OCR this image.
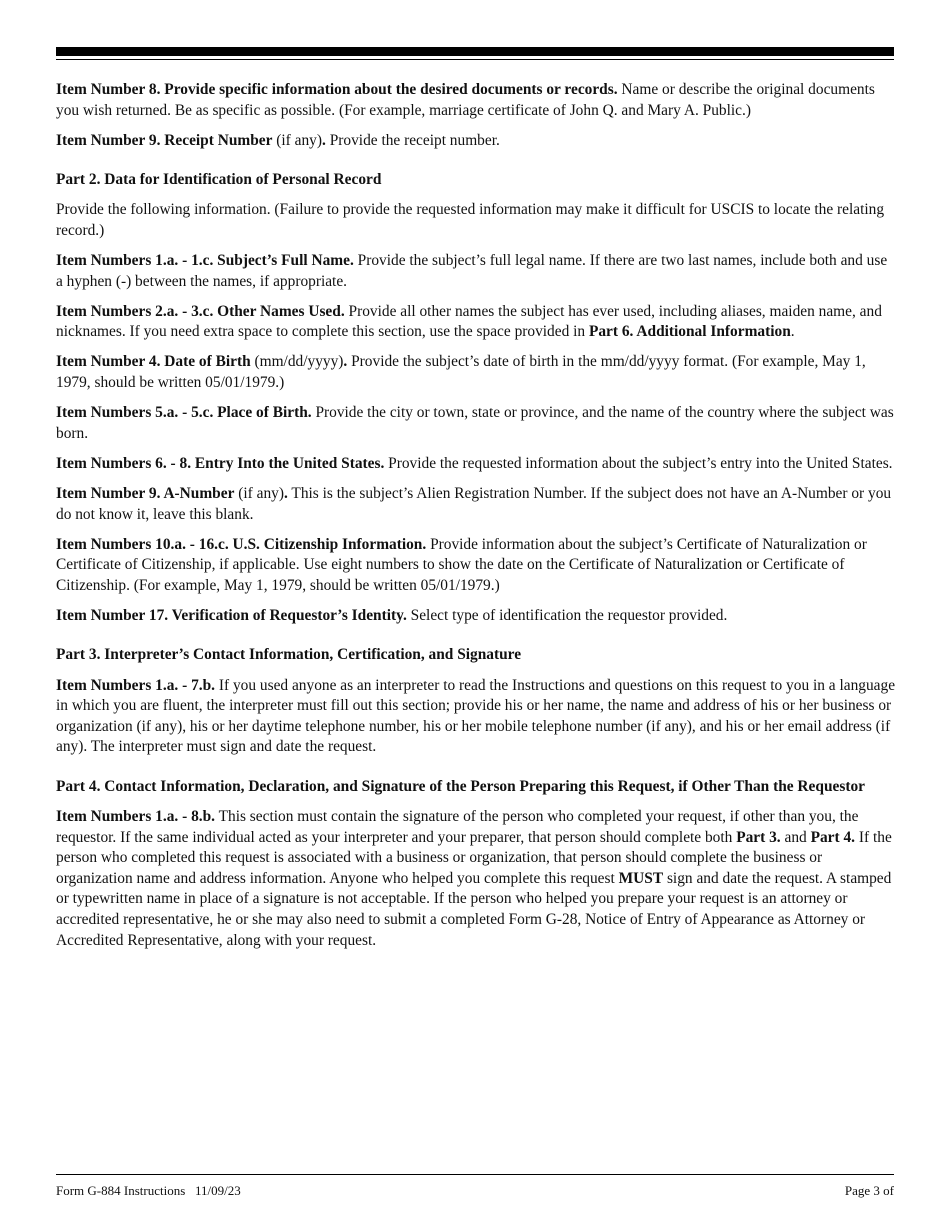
Item Number 8. Provide specific information about the desired documents or records. Name or describe the original documents you wish returned. Be as specific as possible. (For example, marriage certificate of John Q. and Mary A. Public.)

Item Number 9. Receipt Number (if any). Provide the receipt number.

Part 2. Data for Identification of Personal Record

Provide the following information. (Failure to provide the requested information may make it difficult for USCIS to locate the relating record.)

Item Numbers 1.a. - 1.c. Subject’s Full Name. Provide the subject’s full legal name. If there are two last names, include both and use a hyphen (-) between the names, if appropriate.

Item Numbers 2.a. - 3.c. Other Names Used. Provide all other names the subject has ever used, including aliases, maiden name, and nicknames. If you need extra space to complete this section, use the space provided in Part 6. Additional Information.

Item Number 4. Date of Birth (mm/dd/yyyy). Provide the subject’s date of birth in the mm/dd/yyyy format. (For example, May 1, 1979, should be written 05/01/1979.)

Item Numbers 5.a. - 5.c. Place of Birth. Provide the city or town, state or province, and the name of the country where the subject was born.

Item Numbers 6. - 8. Entry Into the United States. Provide the requested information about the subject’s entry into the United States.

Item Number 9. A-Number (if any). This is the subject’s Alien Registration Number. If the subject does not have an A-Number or you do not know it, leave this blank.

Item Numbers 10.a. - 16.c. U.S. Citizenship Information. Provide information about the subject’s Certificate of Naturalization or Certificate of Citizenship, if applicable. Use eight numbers to show the date on the Certificate of Naturalization or Certificate of Citizenship. (For example, May 1, 1979, should be written 05/01/1979.)

Item Number 17. Verification of Requestor’s Identity. Select type of identification the requestor provided.

Part 3. Interpreter’s Contact Information, Certification, and Signature

Item Numbers 1.a. - 7.b. If you used anyone as an interpreter to read the Instructions and questions on this request to you in a language in which you are fluent, the interpreter must fill out this section; provide his or her name, the name and address of his or her business or organization (if any), his or her daytime telephone number, his or her mobile telephone number (if any), and his or her email address (if any). The interpreter must sign and date the request.

Part 4. Contact Information, Declaration, and Signature of the Person Preparing this Request, if Other Than the Requestor

Item Numbers 1.a. - 8.b. This section must contain the signature of the person who completed your request, if other than you, the requestor. If the same individual acted as your interpreter and your preparer, that person should complete both Part 3. and Part 4. If the person who completed this request is associated with a business or organization, that person should complete the business or organization name and address information. Anyone who helped you complete this request MUST sign and date the request. A stamped or typewritten name in place of a signature is not acceptable. If the person who helped you prepare your request is an attorney or accredited representative, he or she may also need to submit a completed Form G-28, Notice of Entry of Appearance as Attorney or Accredited Representative, along with your request.

Form G-884 Instructions   11/09/23	Page 3 of
